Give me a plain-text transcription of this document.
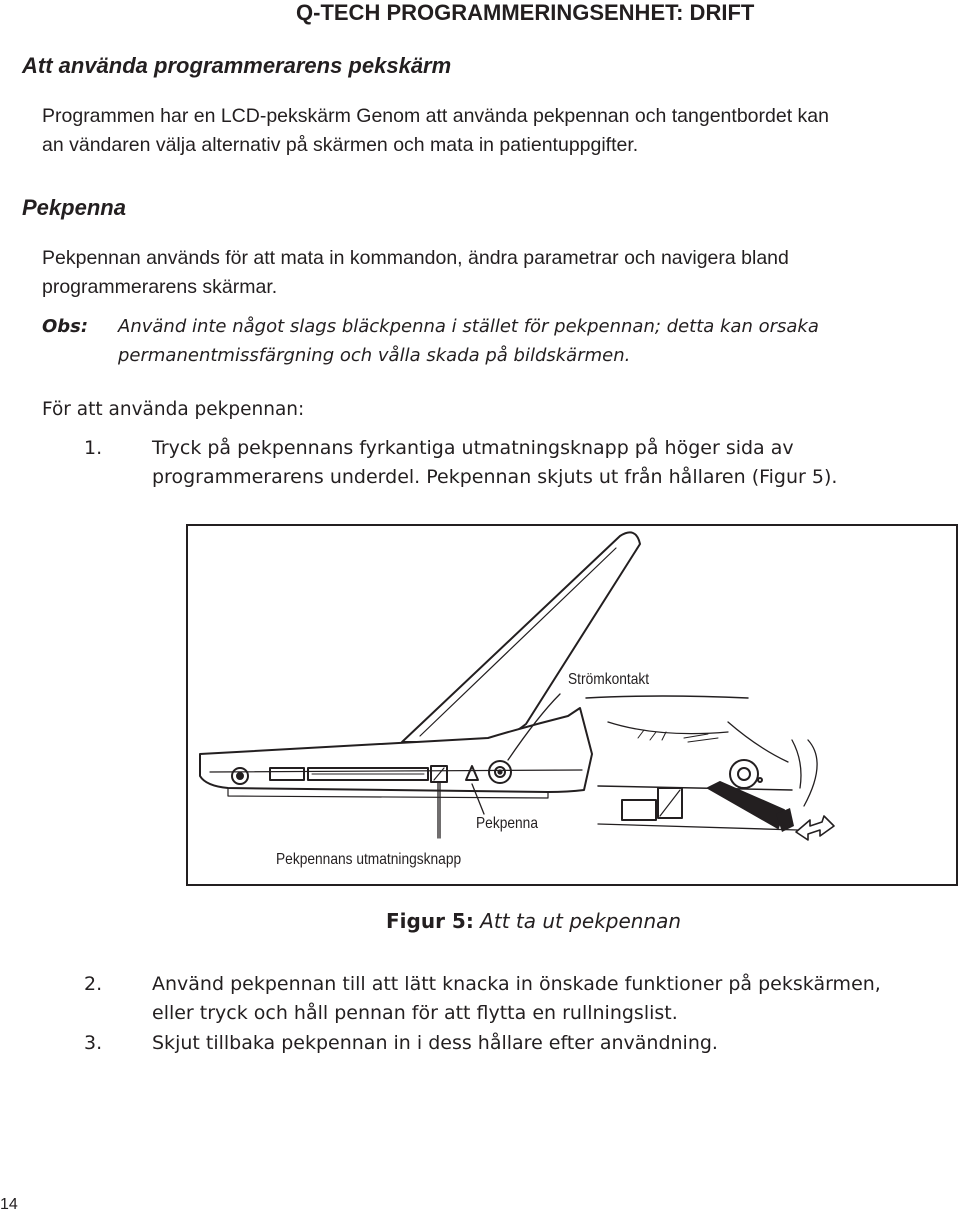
Q-TECH PROGRAMMERINGSENHET: DRIFT
Att använda programmerarens pekskärm
Programmen har en LCD-pekskärm Genom att använda pekpennan och tangentbordet kan
an vändaren välja alternativ på skärmen och mata in patientuppgifter.
Pekpenna
Pekpennan används för att mata in kommandon, ändra parametrar och navigera bland
programmerarens skärmar.
Obs: Använd inte något slags bläckpenna i stället för pekpennan; detta kan orsaka
permanentmissfärgning och vålla skada på bildskärmen.
För att använda pekpennan:
1.	Tryck på pekpennans fyrkantiga utmatningsknapp på höger sida av
programmerarens underdel. Pekpennan skjuts ut från hållaren (Figur 5).
Strömkontakt
Pekpenna
Pekpennans utmatningsknapp
Figur 5: Att ta ut pekpennan
2.	Använd pekpennan till att lätt knacka in önskade funktioner på pekskärmen,
eller tryck och håll pennan för att flytta en rullningslist.
3.	Skjut tillbaka pekpennan in i dess hållare efter användning.
14
